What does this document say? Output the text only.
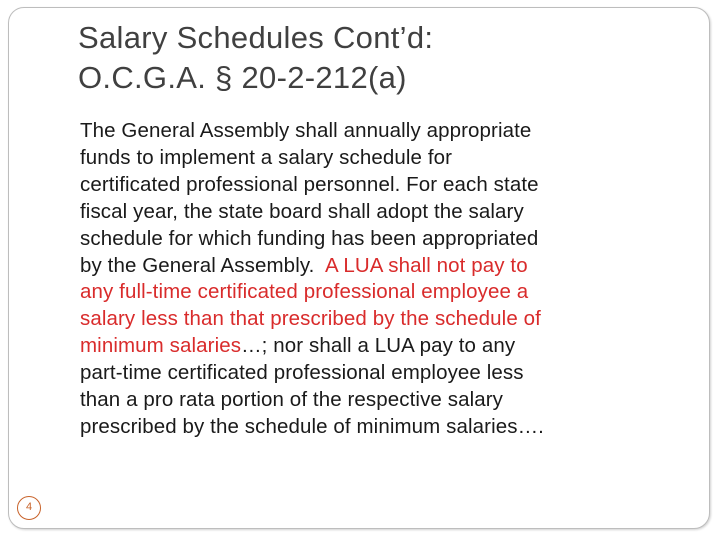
Salary Schedules Cont’d:
O.C.G.A. § 20-2-212(a)
The General Assembly shall annually appropriate
funds to implement a salary schedule for
certificated professional personnel. For each state
fiscal year, the state board shall adopt the salary
schedule for which funding has been appropriated
by the General Assembly.  A LUA shall not pay to
any full-time certificated professional employee a
salary less than that prescribed by the schedule of
minimum salaries…; nor shall a LUA pay to any
part-time certificated professional employee less
than a pro rata portion of the respective salary
prescribed by the schedule of minimum salaries….
4
